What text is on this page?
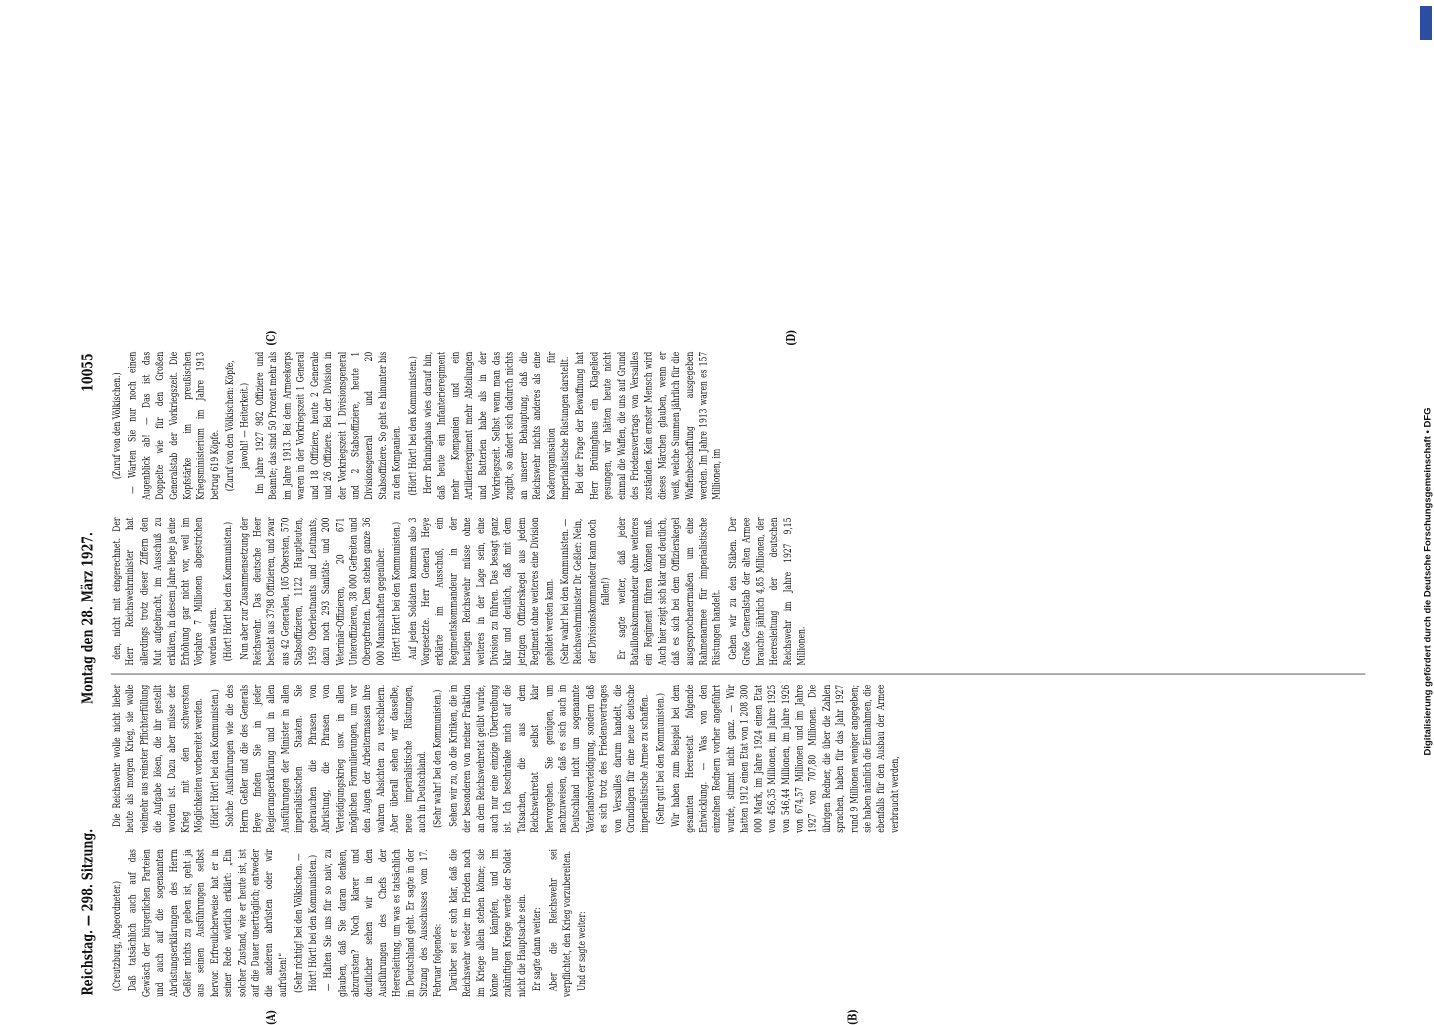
Reichstag. — 298. Sitzung.
Montag den 28. März 1927.
10055

(Creutzburg, Abgeordneter.) Daß tatsächlich auch auf das Gewäsch der bürgerlichen Parteien und auch auf die sogenannten Abrüstungserklärungen des Herrn Geßler nichts zu geben ist, geht ja aus seinen Ausführungen selbst hervor. Erfreulicherweise hat er in seiner Rede wörtlich erklärt: „Ein solcher Zustand, wie er heute ist, ist auf die Dauer unerträglich; entweder die anderen abrüsten oder wir aufrüsten!“ (Sehr richtig! bei den Völkischen. — Hört! Hört! bei den Kommunisten.) — Halten Sie uns für so naiv, zu glauben, daß Sie daran denken, abzurüsten? Noch klarer und deutlicher sehen wir in den Ausführungen des Chefs der Heeresleitung, um was es tatsächlich in Deutschland geht. Er sagte in der Sitzung des Ausschusses vom 17. Februar folgendes: Darüber sei er sich klar, daß die Reichswehr weder im Frieden noch im Kriege allein stehen könne; sie könne nur kämpfen, und im zukünftigen Kriege werde der Soldat nicht die Hauptsache sein. Er sagte dann weiter: Aber die Reichswehr sei verpflichtet, den Krieg vorzubereiten. Und er sagte weiter:

Die Reichswehr wolle nicht lieber heute als morgen Krieg, sie wolle vielmehr aus reinster Pflichterfüllung die Aufgabe lösen, die ihr gestellt worden ist. Dazu aber müsse der Krieg mit den schwersten Möglichkeiten vorbereitet werden. (Hört! Hört! bei den Kommunisten.) Solche Ausführungen wie die des Herrn Geßler und die des Generals Heye finden Sie in jeder Regierungserklärung und in allen Ausführungen der Minister in allen imperialistischen Staaten. Sie gebrauchen die Phrasen von Abrüstung, die Phrasen von Verteidigungskrieg usw. in allen möglichen Formulierungen, um vor den Augen der Arbeitermassen ihre wahren Absichten zu verschleiern. Aber überall sehen wir dasselbe, neue imperialistische Rüstungen, auch in Deutschland. (Sehr wahr! bei den Kommunisten.) Sehen wir zu, ob die Kritiken, die in der besonderen von meiner Fraktion an dem Reichswehretat geübt wurde, auch nur eine einzige Übertreibung ist. Ich beschränke mich auf die Tatsachen, die aus dem Reichswehretat selbst klar hervorgehen. Sie genügen, um nachzuweisen, daß es sich auch in Deutschland nicht um sogenannte Vaterlandsverteidigung, sondern daß es sich trotz des Friedensvertrages von Versailles darum handelt, die Grundlagen für eine neue deutsche imperialistische Armee zu schaffen. (Sehr gut! bei den Kommunisten.) Wir haben zum Beispiel bei dem gesamten Heeresetat folgende Entwicklung. — Was von den einzelnen Rednern vorher angeführt wurde, stimmt nicht ganz. — Wir hatten 1912 einen Etat von 1 208 300 000 Mark, im Jahre 1924 einen Etat von 456,35 Millionen, im Jahre 1925 von 546,44 Millionen, im Jahre 1926 von 674,57 Millionen und im Jahre 1927 von 707,80 Millionen. Die übrigen Redner, die über die Zahlen sprachen, haben für das Jahr 1927 rund 9 Millionen weniger angegeben; sie haben nämlich die Einnahmen, die ebenfalls für den Ausbau der Armee verbraucht werden,

den, nicht mit eingerechnet. Der Herr Reichswehrminister hat allerdings trotz dieser Ziffern den Mut aufgebracht, im Ausschuß zu erklären, in diesem Jahre liege ja eine Erhöhung gar nicht vor, weil im Vorjahre 7 Millionen abgestrichen worden wären. (Hört! Hört! bei den Kommunisten.) Nun aber zur Zusammensetzung der Reichswehr. Das deutsche Heer besteht aus 3798 Offizieren, und zwar aus 42 Generalen, 105 Obersten, 570 Stabsoffizieren, 1122 Hauptleuten, 1959 Oberleutnants und Leutnants, dazu noch 293 Sanitäts- und 200 Veterinär-Offizieren, 20 671 Unteroffizieren, 38 000 Gefreiten und Obergefreiten. Dem stehen ganze 36 000 Mannschaften gegenüber. (Hört! Hört! bei den Kommunisten.) Auf jeden Soldaten kommen also 3 Vorgesetzte. Herr General Heye erklärte im Ausschuß, ein Regimentskommandeur in der heutigen Reichswehr müsse ohne weiteres in der Lage sein, eine Division zu führen. Das besagt ganz klar und deutlich, daß mit dem jetzigen Offizierskegel aus jedem Regiment ohne weiteres eine Division gebildet werden kann. (Sehr wahr! bei den Kommunisten. — Reichswehrminister Dr. Geßler: Nein, der Divisionskommandeur kann doch fallen!) Er sagte weiter, daß jeder Bataillonskommandeur ohne weiteres ein Regiment führen können muß. Auch hier zeigt sich klar und deutlich, daß es sich bei dem Offizierskegel ausgesprochenermaßen um eine Rahmenarmee für imperialistische Rüstungen handelt. Gehen wir zu den Stäben. Der Große Generalstab der alten Armee brauchte jährlich 4,85 Millionen, der Heeresleitung der deutschen Reichswehr im Jahre 1927 9,15 Millionen.

(Zuruf von den Völkischen.) — Warten Sie nur noch einen Augenblick ab! — Das ist das Doppelte wie für den Großen Generalstab der Vorkriegszeit. Die Kopfstärke im preußischen Kriegsministerium im Jahre 1913 betrug 619 Köpfe. (Zuruf von den Völkischen: Köpfe, jawohl! — Heiterkeit.) Im Jahre 1927 982 Offiziere und Beamte; das sind 50 Prozent mehr als im Jahre 1913. Bei dem Armeekorps waren in der Vorkriegszeit 1 General und 18 Offiziere, heute 2 Generale und 26 Offiziere. Bei der Division in der Vorkriegszeit 1 Divisionsgeneral und 2 Stabsoffiziere, heute 1 Divisionsgeneral und 20 Stabsoffiziere. So geht es hinunter bis zu den Kompanien. (Hört! Hört! bei den Kommunisten.) Herr Brüninghaus wies darauf hin, daß heute ein Infanterieregiment mehr Kompanien und ein Artillerieregiment mehr Abteilungen und Batterien habe als in der Vorkriegszeit. Selbst wenn man das zugibt, so ändert sich dadurch nichts an unserer Behauptung, daß die Reichswehr nichts anderes als eine Kaderorganisation für imperialistische Rüstungen darstellt. Bei der Frage der Bewaffnung hat Herr Brüninghaus ein Klagelied gesungen, wir hätten heute nicht einmal die Waffen, die uns auf Grund des Friedensvertrags von Versailles zuständen. Kein ernster Mensch wird dieses Märchen glauben, wenn er weiß, welche Summen jährlich für die Waffenbeschaffung ausgegeben werden. Im Jahre 1913 waren es 157 Millionen, im

(A)	(B)
(C)	(D)
Digitalisierung gefördert durch die Deutsche Forschungsgemeinschaft • DFG
